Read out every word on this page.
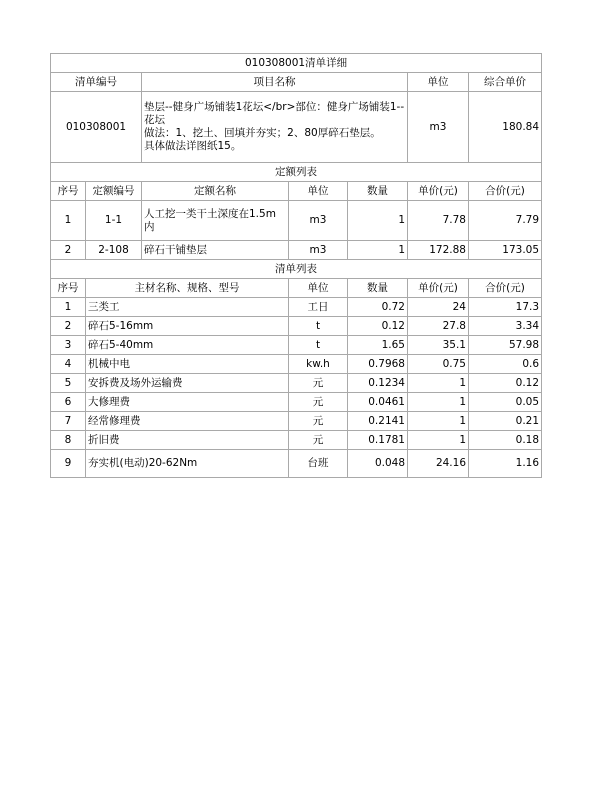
010308001清单详细						
清单编号		项目名称			单位	综合单价
010308001		垫层--健身广场铺装1花坛</br>部位：健身广场铺装1--花坛
做法：1、挖土、回填并夯实；2、80厚碎石垫层。
具体做法详图纸15。			m3	180.84
定额列表						
序号	定额编号	定额名称	单位	数量	单价(元)	合价(元)
1	1-1	人工挖一类干土深度在1.5m内	m3	1	7.78	7.79
2	2-108	碎石干铺垫层	m3	1	172.88	173.05
清单列表						
序号	主材名称、规格、型号		单位	数量	单价(元)	合价(元)
1	三类工		工日	0.72	24	17.3
2	碎石5-16mm		t	0.12	27.8	3.34
3	碎石5-40mm		t	1.65	35.1	57.98
4	机械中电		kw.h	0.7968	0.75	0.6
5	安拆费及场外运输费		元	0.1234	1	0.12
6	大修理费		元	0.0461	1	0.05
7	经常修理费		元	0.2141	1	0.21
8	折旧费		元	0.1781	1	0.18
9	夯实机(电动)20-62Nm		台班	0.048	24.16	1.16
